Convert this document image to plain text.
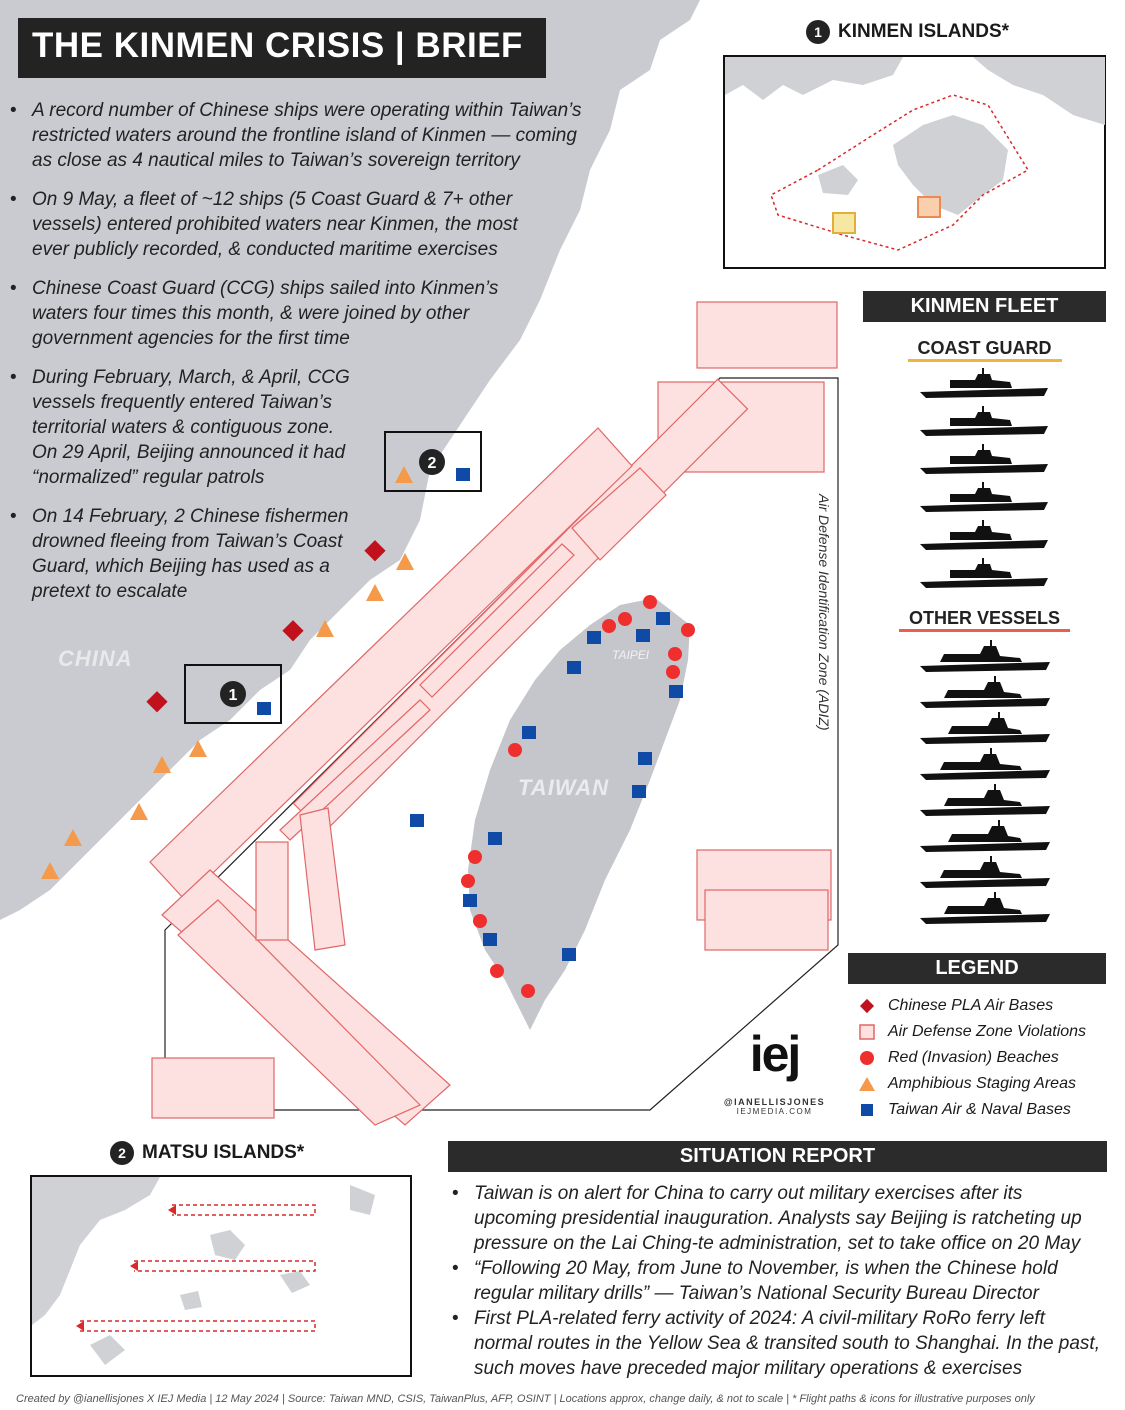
1
2
CHINA
TAIWAN
TAIPEI	Air Defense Identification Zone (ADIZ)
THE KINMEN CRISIS | BRIEF
• A record number of Chinese ships were operating within Taiwan’s restricted waters around the frontline island of Kinmen — coming as close as 4 nautical miles to Taiwan’s sovereign territory
• On 9 May, a fleet of ~12 ships (5 Coast Guard & 7+ other vessels) entered prohibited waters near Kinmen, the most ever publicly recorded, & conducted maritime exercises
• Chinese Coast Guard (CCG) ships sailed into Kinmen’s waters four times this month, & were joined by other government agencies for the first time
• During February, March, & April, CCG vessels frequently entered Taiwan’s territorial waters & contiguous zone. On 29 April, Beijing announced it had “normalized” regular patrols
• On 14 February, 2 Chinese fishermen drowned fleeing from Taiwan’s Coast Guard, which Beijing has used as a pretext to escalate
1 KINMEN ISLANDS*
KINMEN FLEET
COAST GUARD
OTHER VESSELS
LEGEND
Chinese PLA Air Bases
Air Defense Zone Violations
Red (Invasion) Beaches
Amphibious Staging Areas
Taiwan Air & Naval Bases
iej
@IANELLISJONES
IEJMEDIA.COM
2 MATSU ISLANDS*	SITUATION REPORT
• Taiwan is on alert for China to carry out military exercises after its upcoming presidential inauguration. Analysts say Beijing is ratcheting up pressure on the Lai Ching-te administration, set to take office on 20 May
• “Following 20 May, from June to November, is when the Chinese hold regular military drills” — Taiwan’s National Security Bureau Director
• First PLA-related ferry activity of 2024: A civil-military RoRo ferry left normal routes in the Yellow Sea & transited south to Shanghai. In the past, such moves have preceded major military operations & exercises
Created by @ianellisjones X IEJ Media | 12 May 2024 | Source: Taiwan MND, CSIS, TaiwanPlus, AFP, OSINT | Locations approx, change daily, & not to scale | * Flight paths & icons for illustrative purposes only
